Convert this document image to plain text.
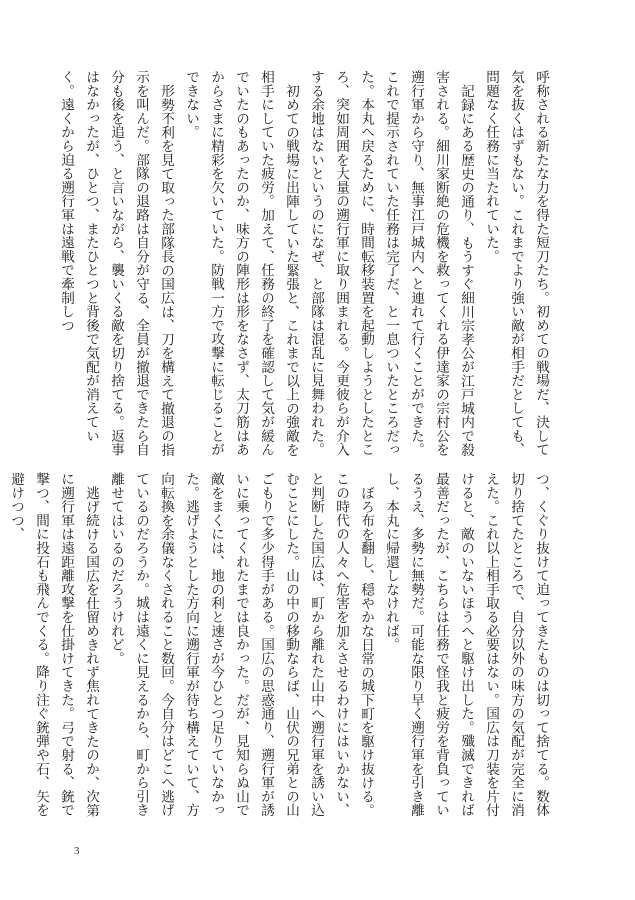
呼称される新たな力を得た短刀たち。初めての戦場だ、決して気を抜くはずもない。これまでより強い敵が相手だとしても、問題なく任務に当たれていた。

記録にある歴史の通り、もうすぐ細川宗孝公が江戸城内で殺害される。細川家断絶の危機を救ってくれる伊達家の宗村公を遡行軍から守り、無事江戸城内へと連れて行くことができた。これで提示されていた任務は完了だ、と一息ついたところだった。本丸へ戻るために、時間転移装置を起動しようとしたところ、突如周囲を大量の遡行軍に取り囲まれる。今更彼らが介入する余地はないというのになぜ、と部隊は混乱に見舞われた。

初めての戦場に出陣していた緊張と、これまで以上の強敵を相手にしていた疲労。加えて、任務の終了を確認して気が緩んでいたのもあったのか、味方の陣形は形をなさず、太刀筋はあからさまに精彩を欠いていた。防戦一方で攻撃に転じることができない。

形勢不利を見て取った部隊長の国広は、刀を構えて撤退の指示を叫んだ。部隊の退路は自分が守る、全員が撤退できたら自分も後を追う、と言いながら、襲いくる敵を切り捨てる。返事はなかったが、ひとつ、またひとつと背後で気配が消えていく。遠くから迫る遡行軍は遠戦で牽制しつ

つ、くぐり抜けて迫ってきたものは切って捨てる。数体切り捨てたところで、自分以外の味方の気配が完全に消えた。これ以上相手取る必要はない。国広は刀装を片付けると、敵のいないほうへと駆け出した。殲滅できれば最善だったが、こちらは任務で怪我と疲労を背負っているうえ、多勢に無勢だ。可能な限り早く遡行軍を引き離し、本丸に帰還しなければ。

ぼろ布を翻し、穏やかな日常の城下町を駆け抜ける。この時代の人々へ危害を加えさせるわけにはいかない、と判断した国広は、町から離れた山中へ遡行軍を誘い込むことにした。山の中の移動ならば、山伏の兄弟との山ごもりで多少得手がある。国広の思惑通り、遡行軍が誘いに乗ってくれたまでは良かった。だが、見知らぬ山で敵をまくには、地の利と速さが今ひとつ足りていなかった。逃げようとした方向に遡行軍が待ち構えていて、方向転換を余儀なくされること数回。今自分はどこへ逃げているのだろうか。城は遠くに見えるから、町から引き離せてはいるのだろうけれど。

逃げ続ける国広を仕留めきれず焦れてきたのか、次第に遡行軍は遠距離攻撃を仕掛けてきた。弓で射る、銃で撃つ、間に投石も飛んでくる。降り注ぐ銃弾や石、矢を避けつつ、

3
